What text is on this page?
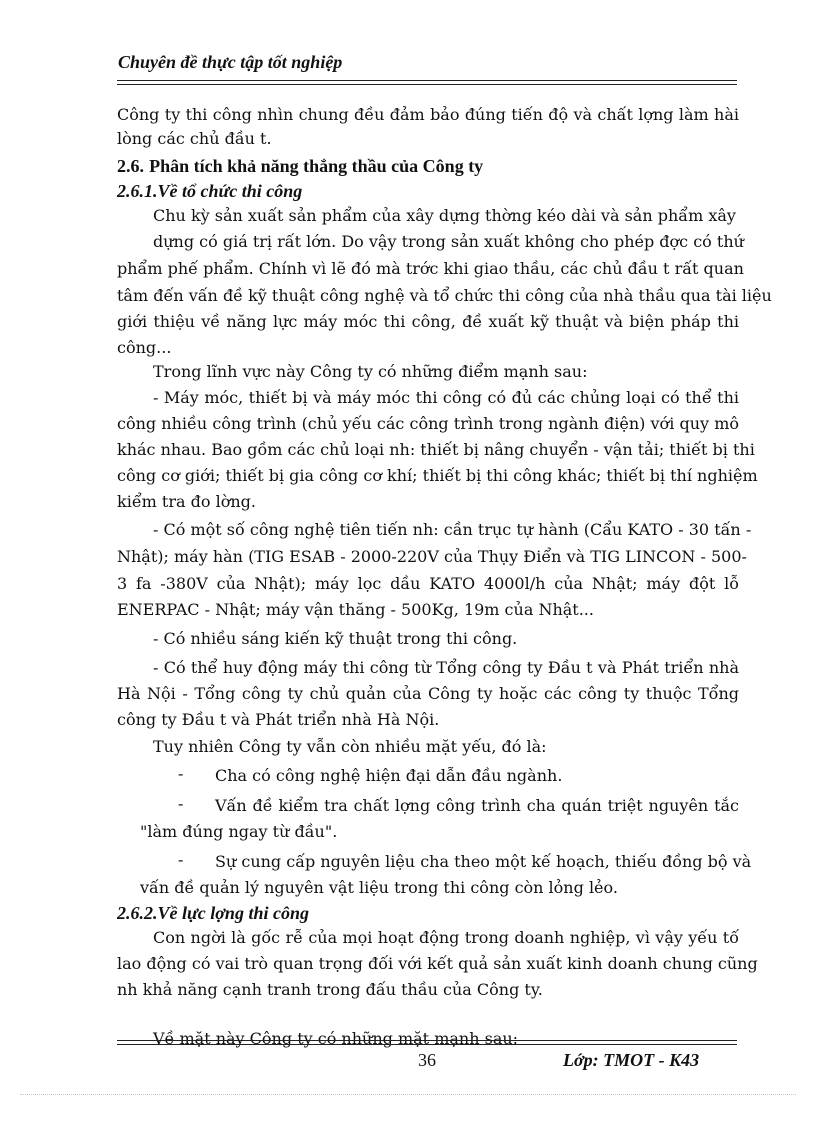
Chuyên đề thực tập tốt nghiệp
Công ty thi công nhìn chung đều đảm bảo đúng tiến độ và chất lợng làm hài
lòng các chủ đầu t.
2.6. Phân tích khả năng thắng thầu của Công ty
2.6.1.Về tổ chức thi công
Chu kỳ sản xuất sản phẩm của xây dựng thờng kéo dài và sản phẩm xây
dựng có giá trị rất lớn. Do vậy trong sản xuất không cho phép đợc có thứ
phẩm phế phẩm. Chính vì lẽ đó mà trớc khi giao thầu, các chủ đầu t rất quan
tâm đến vấn đề kỹ thuật công nghệ và tổ chức thi công của nhà thầu qua tài liệu
giới thiệu về năng lực máy móc thi công, đề xuất kỹ thuật và biện pháp thi
công...
Trong lĩnh vực này Công ty có những điểm mạnh sau:
- Máy móc, thiết bị và máy móc thi công có đủ các chủng loại có thể thi
công nhiều công trình (chủ yếu các công trình trong ngành điện) với quy mô
khác nhau. Bao gồm các chủ loại nh: thiết bị nâng chuyển - vận tải; thiết bị thi
công cơ giới; thiết bị gia công cơ khí; thiết bị thi công khác; thiết bị thí nghiệm
kiểm tra đo lờng.
- Có một số công nghệ tiên tiến nh: cần trục tự hành (Cẩu KATO - 30 tấn -
Nhật); máy hàn (TIG ESAB - 2000-220V của Thụy Điển và TIG LINCON - 500-
3 fa -380V của Nhật); máy lọc dầu KATO 4000l/h của Nhật; máy đột lỗ
ENERPAC - Nhật; máy vận thăng - 500Kg, 19m của Nhật...
- Có nhiều sáng kiến kỹ thuật trong thi công.
- Có thể huy động máy thi công từ Tổng công ty Đầu t và Phát triển nhà
Hà Nội - Tổng công ty chủ quản của Công ty hoặc các công ty thuộc Tổng
công ty Đầu t và Phát triển nhà Hà Nội.
Tuy nhiên Công ty vẫn còn nhiều mặt yếu, đó là:
- Cha có công nghệ hiện đại dẫn đầu ngành.
- Vấn đề kiểm tra chất lợng công trình cha quán triệt nguyên tắc
"làm đúng ngay từ đầu".
- Sự cung cấp nguyên liệu cha theo một kế hoạch, thiếu đồng bộ và
vấn đề quản lý nguyên vật liệu trong thi công còn lỏng lẻo.
2.6.2.Về lực lợng thi công
Con ngời là gốc rễ của mọi hoạt động trong doanh nghiệp, vì vậy yếu tố
lao động có vai trò quan trọng đối với kết quả sản xuất kinh doanh chung cũng
nh khả năng cạnh tranh trong đấu thầu của Công ty.
Về mặt này Công ty có những mặt mạnh sau:
36	Lớp: TMOT - K43
